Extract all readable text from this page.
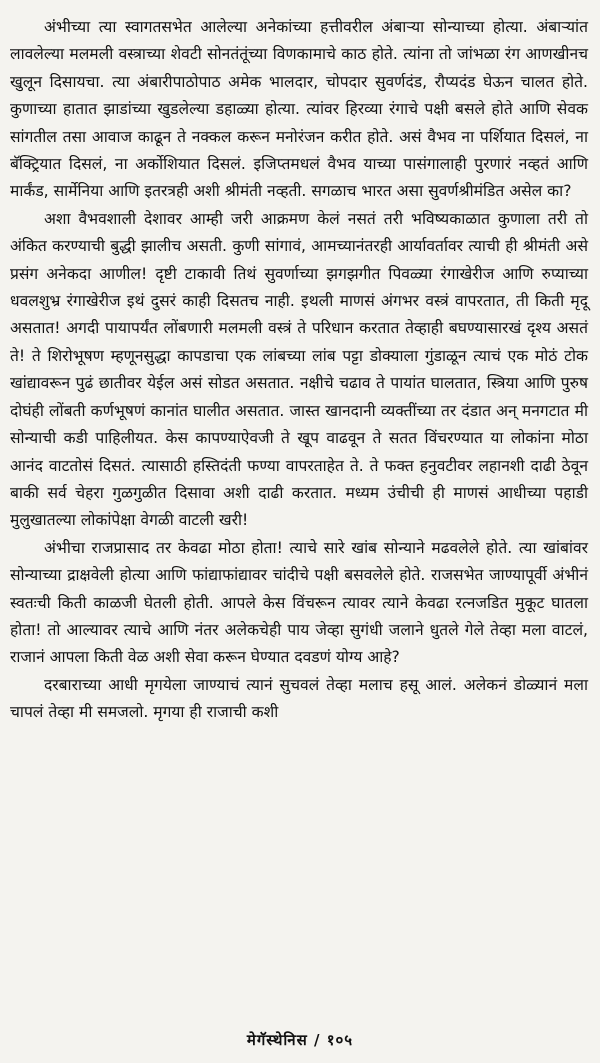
अंभीच्या त्या स्वागतसभेत आलेल्या अनेकांच्या हत्तीवरील अंबाऱ्या सोन्याच्या होत्या. अंबाऱ्यांत लावलेल्या मलमली वस्त्राच्या शेवटी सोनतंतूंच्या विणकामाचे काठ होते. त्यांना तो जांभळा रंग आणखीनच खुलून दिसायचा. त्या अंबारीपाठोपाठ अमेक भालदार, चोपदार सुवर्णदंड, रौप्यदंड घेऊन चालत होते. कुणाच्या हातात झाडांच्या खुडलेल्या डहाळ्या होत्या. त्यांवर हिरव्या रंगाचे पक्षी बसले होते आणि सेवक सांगतील तसा आवाज काढून ते नक्कल करून मनोरंजन करीत होते. असं वैभव ना पर्शियात दिसलं, ना बॅक्ट्रियात दिसलं, ना अर्कोशियात दिसलं. इजिप्तमधलं वैभव याच्या पासंगालाही पुरणारं नव्हतं आणि मार्कंड, सार्मेनिया आणि इतरत्रही अशी श्रीमंती नव्हती. सगळाच भारत असा सुवर्णश्रीमंडित असेल का?

अशा वैभवशाली देशावर आम्ही जरी आक्रमण केलं नसतं तरी भविष्यकाळात कुणाला तरी तो अंकित करण्याची बुद्धी झालीच असती. कुणी सांगावं, आमच्यानंतरही आर्यावर्तावर त्याची ही श्रीमंती असे प्रसंग अनेकदा आणील! दृष्टी टाकावी तिथं सुवर्णाच्या झगझगीत पिवळ्या रंगाखेरीज आणि रुप्याच्या धवलशुभ्र रंगाखेरीज इथं दुसरं काही दिसतच नाही. इथली माणसं अंगभर वस्त्रं वापरतात, ती किती मृदू असतात! अगदी पायापर्यंत लोंबणारी मलमली वस्त्रं ते परिधान करतात तेव्हाही बघण्यासारखं दृश्य असतं ते! ते शिरोभूषण म्हणूनसुद्धा कापडाचा एक लांबच्या लांब पट्टा डोक्याला गुंडाळून त्याचं एक मोठं टोक खांद्यावरून पुढं छातीवर येईल असं सोडत असतात. नक्षीचे चढाव ते पायांत घालतात, स्त्रिया आणि पुरुष दोघंही लोंबती कर्णभूषणं कानांत घालीत असतात. जास्त खानदानी व्यक्तींच्या तर दंडात अन् मनगटात मी सोन्याची कडी पाहिलीयत. केस कापण्याऐवजी ते खूप वाढवून ते सतत विंचरण्यात या लोकांना मोठा आनंद वाटतोसं दिसतं. त्यासाठी हस्तिदंती फण्या वापरताहेत ते. ते फक्त हनुवटीवर लहानशी दाढी ठेवून बाकी सर्व चेहरा गुळगुळीत दिसावा अशी दाढी करतात. मध्यम उंचीची ही माणसं आधीच्या पहाडी मुलुखातल्या लोकांपेक्षा वेगळी वाटली खरी!

अंभीचा राजप्रासाद तर केवढा मोठा होता! त्याचे सारे खांब सोन्याने मढवलेले होते. त्या खांबांवर सोन्याच्या द्राक्षवेली होत्या आणि फांद्याफांद्यावर चांदीचे पक्षी बसवलेले होते. राजसभेत जाण्यापूर्वी अंभीनं स्वतःची किती काळजी घेतली होती. आपले केस विंचरून त्यावर त्याने केवढा रत्नजडित मुकूट घातला होता! तो आल्यावर त्याचे आणि नंतर अलेकचेही पाय जेव्हा सुगंधी जलाने धुतले गेले तेव्हा मला वाटलं, राजानं आपला किती वेळ अशी सेवा करून घेण्यात दवडणं योग्य आहे?

दरबाराच्या आधी मृगयेला जाण्याचं त्यानं सुचवलं तेव्हा मलाच हसू आलं. अलेकनं डोळ्यानं मला चापलं तेव्हा मी समजलो. मृगया ही राजाची कशी

मेगॅस्थेनिस / १०५
